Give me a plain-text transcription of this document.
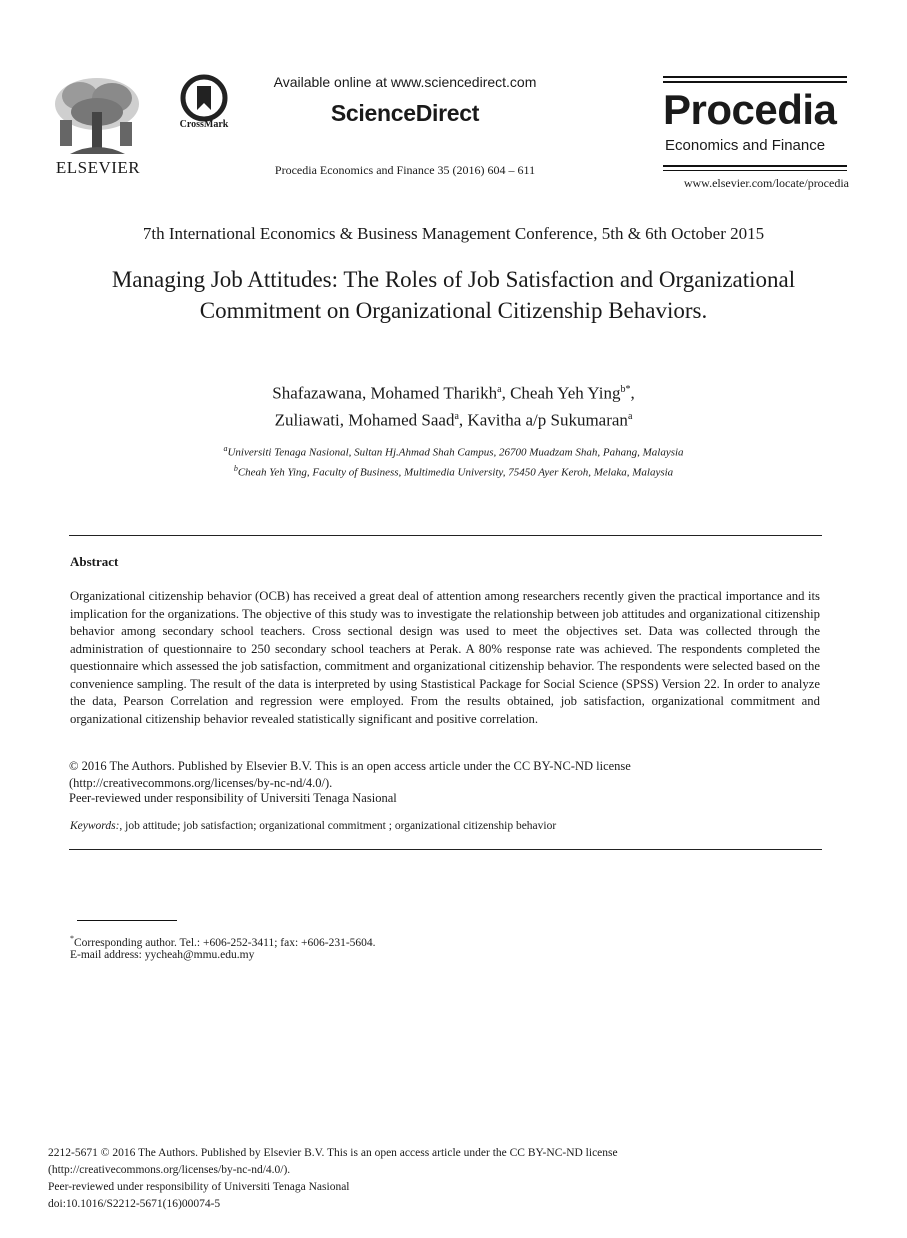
ELSEVIER
CrossMark
Available online at www.sciencedirect.com
ScienceDirect
Procedia Economics and Finance 35 (2016) 604 – 611
Procedia
Economics and Finance
www.elsevier.com/locate/procedia
7th International Economics & Business Management Conference, 5th & 6th October 2015
Managing Job Attitudes: The Roles of Job Satisfaction and Organizational Commitment on Organizational Citizenship Behaviors.
Shafazawana, Mohamed Tharikh$^a$, Cheah Yeh Ying$^{b*}$,
Zuliawati, Mohamed Saad$^a$, Kavitha a/p Sukumaran$^a$
$^a$Universiti Tenaga Nasional, Sultan Hj.Ahmad Shah Campus, 26700 Muadzam Shah, Pahang, Malaysia
$^b$Cheah Yeh Ying, Faculty of Business, Multimedia University, 75450 Ayer Keroh, Melaka, Malaysia
Abstract
Organizational citizenship behavior (OCB) has received a great deal of attention among researchers recently given the practical importance and its implication for the organizations. The objective of this study was to investigate the relationship between job attitudes and organizational citizenship behavior among secondary school teachers. Cross sectional design was used to meet the objectives set. Data was collected through the administration of questionnaire to 250 secondary school teachers at Perak. A 80% response rate was achieved. The respondents completed the questionnaire which assessed the job satisfaction, commitment and organizational citizenship behavior. The respondents were selected based on the convenience sampling. The result of the data is interpreted by using Stastistical Package for Social Science (SPSS) Version 22. In order to analyze the data, Pearson Correlation and regression were employed. From the results obtained, job satisfaction, organizational commitment and organizational citizenship behavior revealed statistically significant and positive correlation.
© 2016 The Authors. Published by Elsevier B.V. This is an open access article under the CC BY-NC-ND license (http://creativecommons.org/licenses/by-nc-nd/4.0/).
Peer-reviewed under responsibility of Universiti Tenaga Nasional
Keywords:, job attitude; job satisfaction; organizational commitment ; organizational citizenship behavior
*Corresponding author. Tel.: +606-252-3411; fax: +606-231-5604.
E-mail address: yycheah@mmu.edu.my
2212-5671 © 2016 The Authors. Published by Elsevier B.V. This is an open access article under the CC BY-NC-ND license
(http://creativecommons.org/licenses/by-nc-nd/4.0/).
Peer-reviewed under responsibility of Universiti Tenaga Nasional
doi:10.1016/S2212-5671(16)00074-5
